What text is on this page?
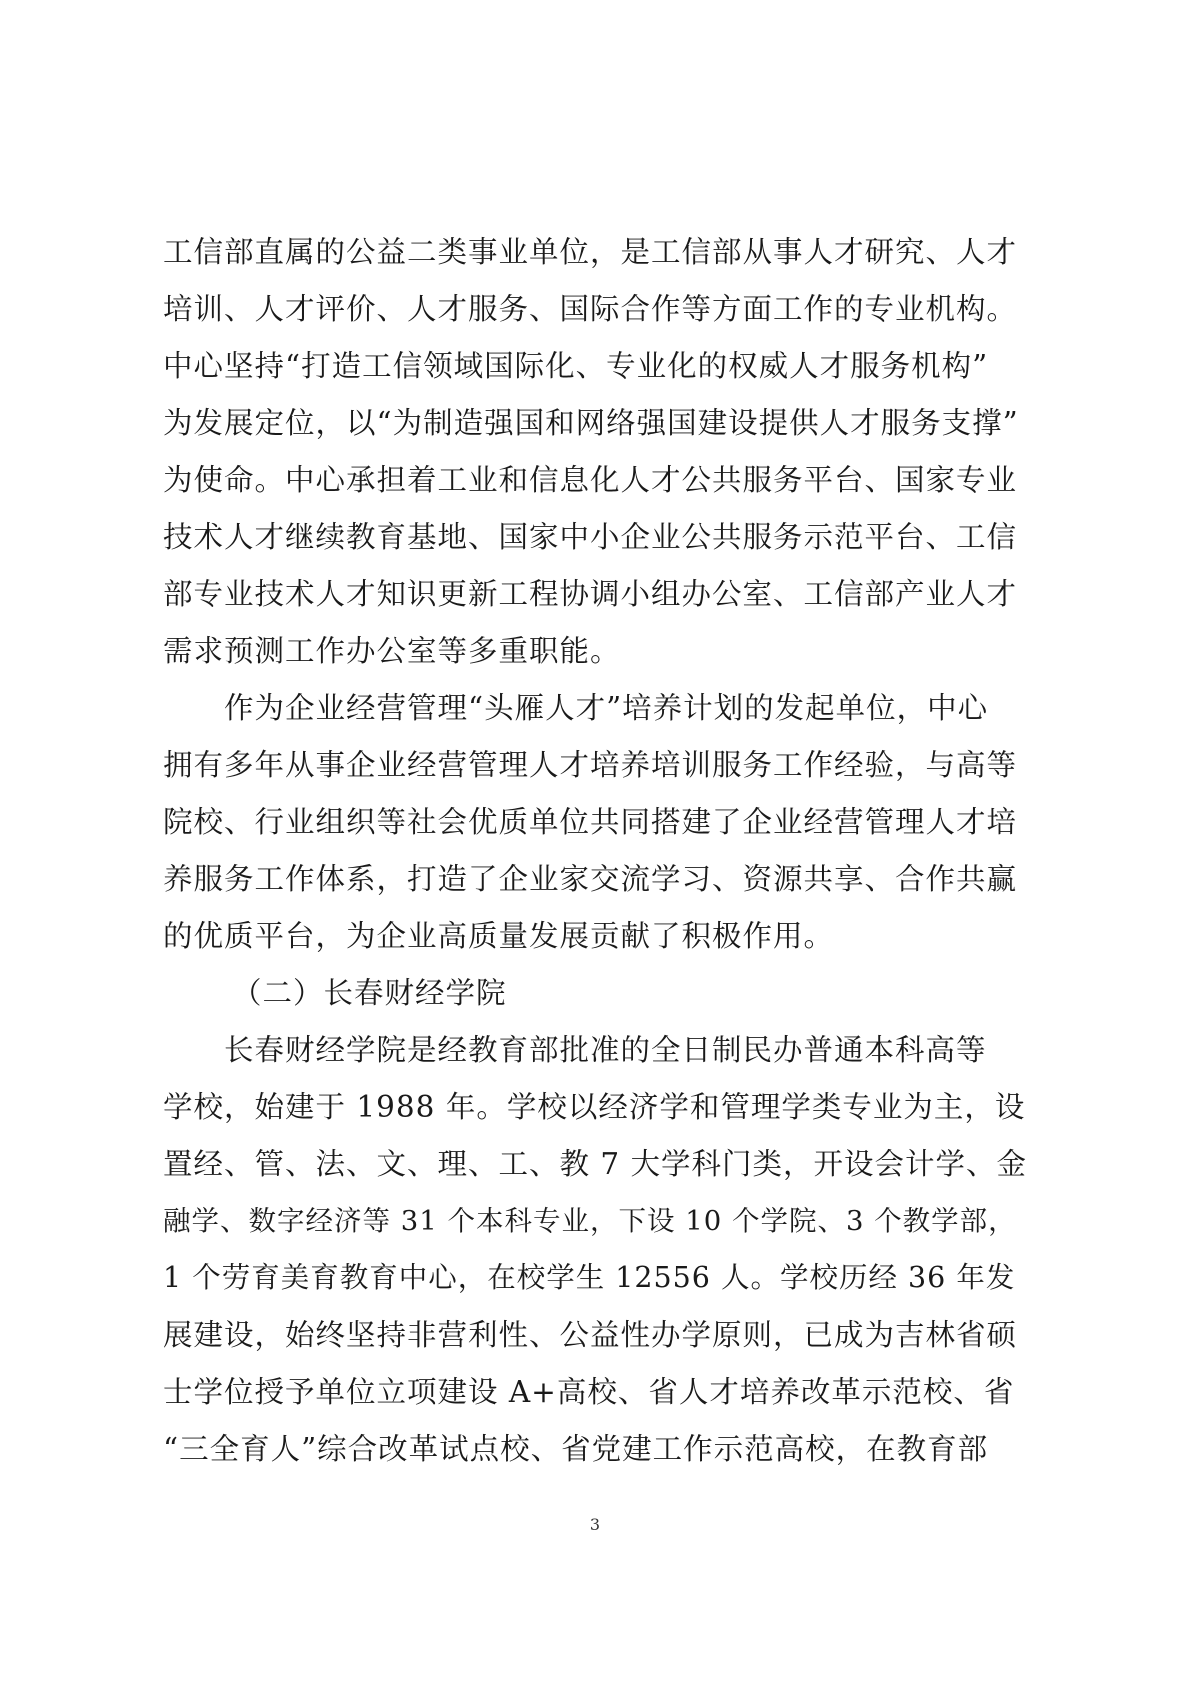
工信部直属的公益二类事业单位，是工信部从事人才研究、人才
培训、人才评价、人才服务、国际合作等方面工作的专业机构。
中心坚持“打造工信领域国际化、专业化的权威人才服务机构”
为发展定位，以“为制造强国和网络强国建设提供人才服务支撑”
为使命。中心承担着工业和信息化人才公共服务平台、国家专业
技术人才继续教育基地、国家中小企业公共服务示范平台、工信
部专业技术人才知识更新工程协调小组办公室、工信部产业人才
需求预测工作办公室等多重职能。
作为企业经营管理“头雁人才”培养计划的发起单位，中心
拥有多年从事企业经营管理人才培养培训服务工作经验，与高等
院校、行业组织等社会优质单位共同搭建了企业经营管理人才培
养服务工作体系，打造了企业家交流学习、资源共享、合作共赢
的优质平台，为企业高质量发展贡献了积极作用。
（二）长春财经学院
长春财经学院是经教育部批准的全日制民办普通本科高等
学校，始建于 1988 年。学校以经济学和管理学类专业为主，设
置经、管、法、文、理、工、教 7 大学科门类，开设会计学、金
融学、数字经济等 31 个本科专业，下设 10 个学院、3 个教学部，
1 个劳育美育教育中心，在校学生 12556 人。学校历经 36 年发
展建设，始终坚持非营利性、公益性办学原则，已成为吉林省硕
士学位授予单位立项建设 A+高校、省人才培养改革示范校、省
“三全育人”综合改革试点校、省党建工作示范高校，在教育部
3
